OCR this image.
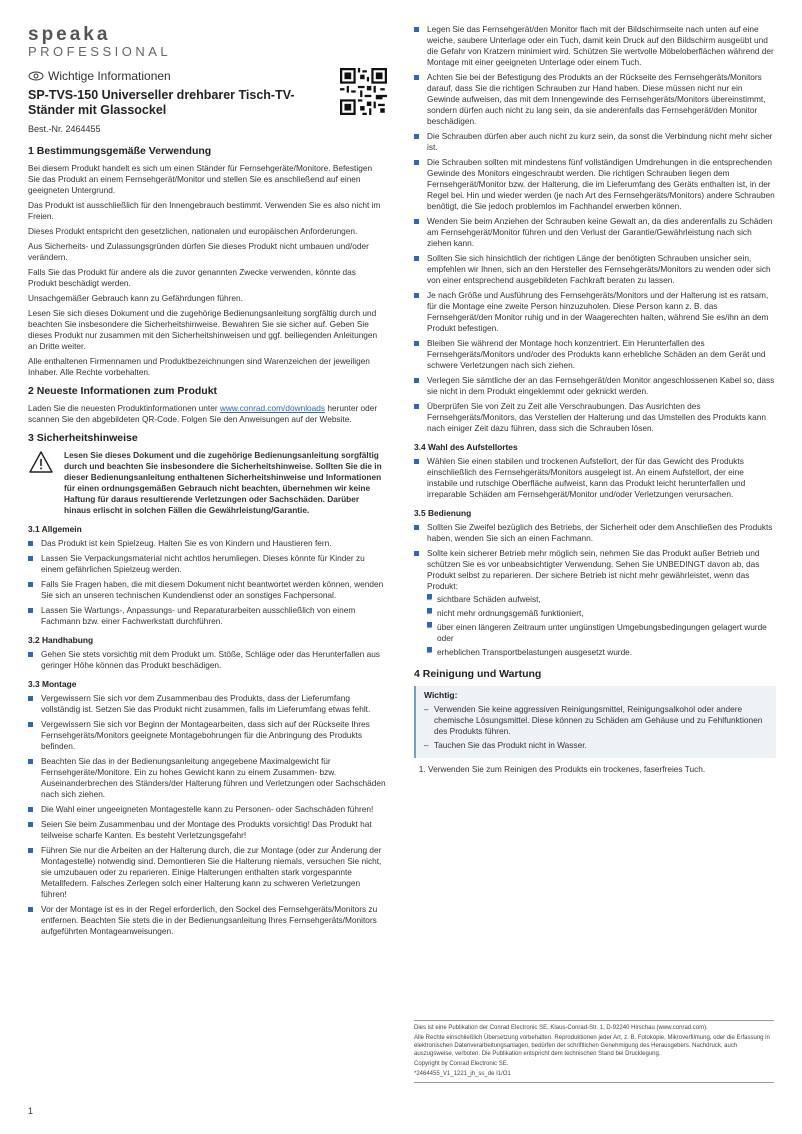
speaka
PROFESSIONAL
Wichtige Informationen
SP-TVS-150 Universeller drehbarer Tisch-TV-Ständer mit Glassockel
Best.-Nr. 2464455
1 Bestimmungsgemäße Verwendung

Bei diesem Produkt handelt es sich um einen Ständer für Fernsehgeräte/Monitore. Befestigen Sie das Produkt an einem Fernsehgerät/Monitor und stellen Sie es anschließend auf einen geeigneten Untergrund.

Das Produkt ist ausschließlich für den Innengebrauch bestimmt. Verwenden Sie es also nicht im Freien.

Dieses Produkt entspricht den gesetzlichen, nationalen und europäischen Anforderungen.

Aus Sicherheits- und Zulassungsgründen dürfen Sie dieses Produkt nicht umbauen und/oder verändern.

Falls Sie das Produkt für andere als die zuvor genannten Zwecke verwenden, könnte das Produkt beschädigt werden.

Unsachgemäßer Gebrauch kann zu Gefährdungen führen.

Lesen Sie sich dieses Dokument und die zugehörige Bedienungsanleitung sorgfältig durch und beachten Sie insbesondere die Sicherheitshinweise. Bewahren Sie sie sicher auf. Geben Sie dieses Produkt nur zusammen mit den Sicherheitshinweisen und ggf. beiliegenden Anleitungen an Dritte weiter.

Alle enthaltenen Firmennamen und Produktbezeichnungen sind Warenzeichen der jeweiligen Inhaber. Alle Rechte vorbehalten.

2 Neueste Informationen zum Produkt

Laden Sie die neuesten Produktinformationen unter www.conrad.com/downloads herunter oder scannen Sie den abgebildeten QR-Code. Folgen Sie den Anweisungen auf der Website.

3 Sicherheitshinweise

Lesen Sie dieses Dokument und die zugehörige Bedienungsanleitung sorgfältig durch und beachten Sie insbesondere die Sicherheitshinweise. Sollten Sie die in dieser Bedienungsanleitung enthaltenen Sicherheitshinweise und Informationen für einen ordnungsgemäßen Gebrauch nicht beachten, übernehmen wir keine Haftung für daraus resultierende Verletzungen oder Sachschäden. Darüber hinaus erlischt in solchen Fällen die Gewährleistung/Garantie.

3.1 Allgemein
Das Produkt ist kein Spielzeug. Halten Sie es von Kindern und Haustieren fern.
Lassen Sie Verpackungsmaterial nicht achtlos herumliegen. Dieses könnte für Kinder zu einem gefährlichen Spielzeug werden.
Falls Sie Fragen haben, die mit diesem Dokument nicht beantwortet werden können, wenden Sie sich an unseren technischen Kundendienst oder an sonstiges Fachpersonal.
Lassen Sie Wartungs-, Anpassungs- und Reparaturarbeiten ausschließlich von einem Fachmann bzw. einer Fachwerkstatt durchführen.
3.2 Handhabung
Gehen Sie stets vorsichtig mit dem Produkt um. Stöße, Schläge oder das Herunterfallen aus geringer Höhe können das Produkt beschädigen.
3.3 Montage
Vergewissern Sie sich vor dem Zusammenbau des Produkts, dass der Lieferumfang vollständig ist. Setzen Sie das Produkt nicht zusammen, falls im Lieferumfang etwas fehlt.
Vergewissern Sie sich vor Beginn der Montagearbeiten, dass sich auf der Rückseite Ihres Fernsehgeräts/Monitors geeignete Montagebohrungen für die Anbringung des Produkts befinden.
Beachten Sie das in der Bedienungsanleitung angegebene Maximalgewicht für Fernsehgeräte/Monitore. Ein zu hohes Gewicht kann zu einem Zusammen- bzw. Auseinanderbrechen des Ständers/der Halterung führen und Verletzungen oder Sachschäden nach sich ziehen.
Die Wahl einer ungeeigneten Montagestelle kann zu Personen- oder Sachschäden führen!
Seien Sie beim Zusammenbau und der Montage des Produkts vorsichtig! Das Produkt hat teilweise scharfe Kanten. Es besteht Verletzungsgefahr!
Führen Sie nur die Arbeiten an der Halterung durch, die zur Montage (oder zur Änderung der Montagestelle) notwendig sind. Demontieren Sie die Halterung niemals, versuchen Sie nicht, sie umzubauen oder zu reparieren. Einige Halterungen enthalten stark vorgespannte Metallfedern. Falsches Zerlegen solch einer Halterung kann zu schweren Verletzungen führen!
Vor der Montage ist es in der Regel erforderlich, den Sockel des Fernsehgeräts/Monitors zu entfernen. Beachten Sie stets die in der Bedienungsanleitung Ihres Fernsehgeräts/Monitors aufgeführten Montageanweisungen.
1
Legen Sie das Fernsehgerät/den Monitor flach mit der Bildschirmseite nach unten auf eine weiche, saubere Unterlage oder ein Tuch, damit kein Druck auf den Bildschirm ausgeübt und die Gefahr von Kratzern minimiert wird. Schützen Sie wertvolle Möbeloberflächen während der Montage mit einer geeigneten Unterlage oder einem Tuch.
Achten Sie bei der Befestigung des Produkts an der Rückseite des Fernsehgeräts/Monitors darauf, dass Sie die richtigen Schrauben zur Hand haben. Diese müssen nicht nur ein Gewinde aufweisen, das mit dem Innengewinde des Fernsehgeräts/Monitors übereinstimmt, sondern dürfen auch nicht zu lang sein, da sie anderenfalls das Fernsehgerät/den Monitor beschädigen.
Die Schrauben dürfen aber auch nicht zu kurz sein, da sonst die Verbindung nicht mehr sicher ist.
Die Schrauben sollten mit mindestens fünf vollständigen Umdrehungen in die entsprechenden Gewinde des Monitors eingeschraubt werden. Die richtigen Schrauben liegen dem Fernsehgerät/Monitor bzw. der Halterung, die im Lieferumfang des Geräts enthalten ist, in der Regel bei. Hin und wieder werden (je nach Art des Fernsehgeräts/Monitors) andere Schrauben benötigt, die Sie jedoch problemlos im Fachhandel erwerben können.
Wenden Sie beim Anziehen der Schrauben keine Gewalt an, da dies anderenfalls zu Schäden am Fernsehgerät/Monitor führen und den Verlust der Garantie/Gewährleistung nach sich ziehen kann.
Sollten Sie sich hinsichtlich der richtigen Länge der benötigten Schrauben unsicher sein, empfehlen wir Ihnen, sich an den Hersteller des Fernsehgeräts/Monitors zu wenden oder sich von einer entsprechend ausgebildeten Fachkraft beraten zu lassen.
Je nach Größe und Ausführung des Fernsehgeräts/Monitors und der Halterung ist es ratsam, für die Montage eine zweite Person hinzuzuholen. Diese Person kann z. B. das Fernsehgerät/den Monitor ruhig und in der Waagerechten halten, während Sie es/ihn an dem Produkt befestigen.
Bleiben Sie während der Montage hoch konzentriert. Ein Herunterfallen des Fernsehgeräts/Monitors und/oder des Produkts kann erhebliche Schäden an dem Gerät und schwere Verletzungen nach sich ziehen.
Verlegen Sie sämtliche der an das Fernsehgerät/den Monitor angeschlossenen Kabel so, dass sie nicht in dem Produkt eingeklemmt oder geknickt werden.
Überprüfen Sie von Zeit zu Zeit alle Verschraubungen. Das Ausrichten des Fernsehgeräts/Monitors, das Verstellen der Halterung und das Umstellen des Produkts kann nach einiger Zeit dazu führen, dass sich die Schrauben lösen.
3.4 Wahl des Aufstellortes
Wählen Sie einen stabilen und trockenen Aufstellort, der für das Gewicht des Produkts einschließlich des Fernsehgeräts/Monitors ausgelegt ist. An einem Aufstellort, der eine instabile und rutschige Oberfläche aufweist, kann das Produkt leicht herunterfallen und irreparable Schäden am Fernsehgerät/Monitor und/oder Verletzungen verursachen.
3.5 Bedienung
Sollten Sie Zweifel bezüglich des Betriebs, der Sicherheit oder dem Anschließen des Produkts haben, wenden Sie sich an einen Fachmann.
Sollte kein sicherer Betrieb mehr möglich sein, nehmen Sie das Produkt außer Betrieb und schützen Sie es vor unbeabsichtigter Verwendung. Sehen Sie UNBEDINGT davon ab, das Produkt selbst zu reparieren. Der sichere Betrieb ist nicht mehr gewährleistet, wenn das Produkt:
– sichtbare Schäden aufweist,
– nicht mehr ordnungsgemäß funktioniert,
– über einen längeren Zeitraum unter ungünstigen Umgebungsbedingungen gelagert wurde oder
– erheblichen Transportbelastungen ausgesetzt wurde.
4 Reinigung und Wartung
Wichtig:
– Verwenden Sie keine aggressiven Reinigungsmittel, Reinigungsalkohol oder andere chemische Lösungsmittel. Diese können zu Schäden am Gehäuse und zu Fehlfunktionen des Produkts führen.
– Tauchen Sie das Produkt nicht in Wasser.
1. Verwenden Sie zum Reinigen des Produkts ein trockenes, faserfreies Tuch.

Dies ist eine Publikation der Conrad Electronic SE, Klaus-Conrad-Str. 1, D-92240 Hirschau (www.conrad.com).

Alle Rechte einschließlich Übersetzung vorbehalten. Reproduktionen jeder Art, z. B. Fotokopie, Mikroverfilmung, oder die Erfassung in elektronischen Datenverarbeitungsanlagen, bedürfen der schriftlichen Genehmigung des Herausgebers. Nachdruck, auch auszugsweise, verboten. Die Publikation entspricht dem technischen Stand bei Drucklegung.

Copyright by Conrad Electronic SE.

*2464455_V1_1221_jh_ss_de I1/O1
